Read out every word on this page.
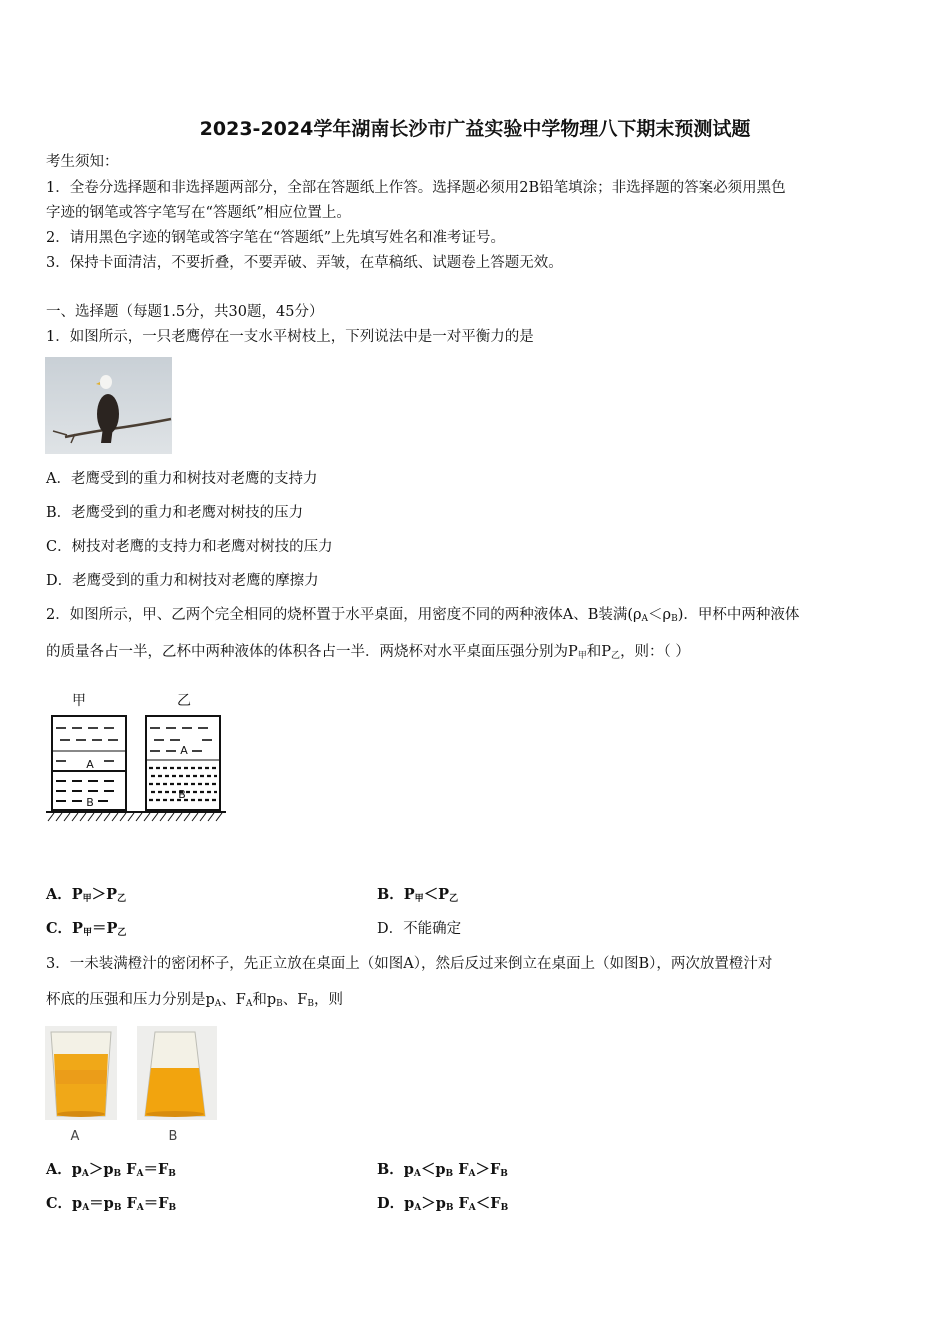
2023-2024学年湖南长沙市广益实验中学物理八下期末预测试题
考生须知：
1．全卷分选择题和非选择题两部分，全部在答题纸上作答。选择题必须用2B铅笔填涂；非选择题的答案必须用黑色
字迹的钢笔或答字笔写在“答题纸”相应位置上。
2．请用黑色字迹的钢笔或答字笔在“答题纸”上先填写姓名和准考证号。
3．保持卡面清洁，不要折叠，不要弄破、弄皱，在草稿纸、试题卷上答题无效。
一、选择题（每题1.5分，共30题，45分）
1．如图所示，一只老鹰停在一支水平树枝上，下列说法中是一对平衡力的是
A．老鹰受到的重力和树技对老鹰的支持力
B．老鹰受到的重力和老鹰对树技的压力
C．树技对老鹰的支持力和老鹰对树技的压力
D．老鹰受到的重力和树技对老鹰的摩擦力
2．如图所示，甲、乙两个完全相同的烧杯置于水平桌面，用密度不同的两种液体A、B装满$(\rho_A<\rho_B)$．甲杯中两种液体
的质量各占一半，乙杯中两种液体的体积各占一半．两烧杯对水平桌面压强分别为$P_甲$和$P_乙$，则：（ ）
甲	乙
A
B
A
B
A．$P_甲>P_乙$	B．$P_甲<P_乙$
C．$P_甲=P_乙$	D．不能确定
3．一未装满橙汁的密闭杯子，先正立放在桌面上（如图A），然后反过来倒立在桌面上（如图B），两次放置橙汁对
杯底的压强和压力分别是$p_A$、$F_A$和$p_B$、$F_B$，则
A	B
A．$p_A>p_B$ $F_A=F_B$	B．$p_A<p_B$ $F_A>F_B$
C．$p_A=p_B$ $F_A=F_B$	D．$p_A>p_B$ $F_A<F_B$
